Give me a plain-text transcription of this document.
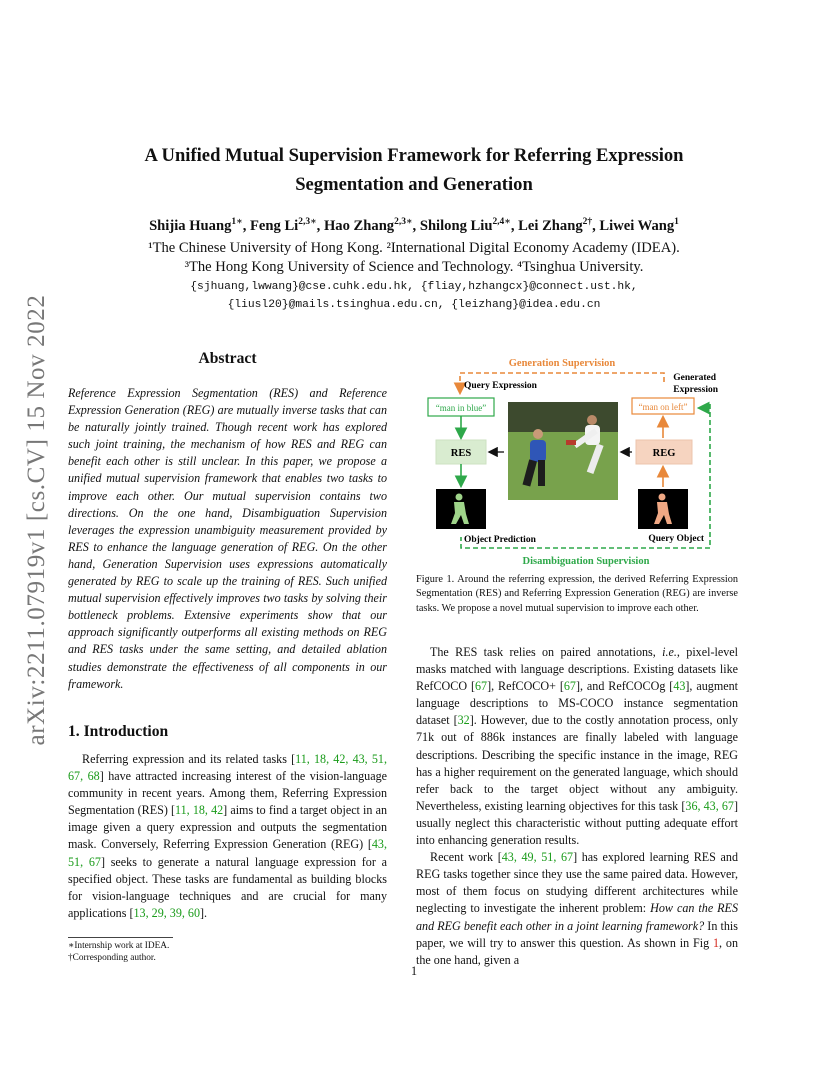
A Unified Mutual Supervision Framework for Referring Expression
Segmentation and Generation
Shijia Huang$^{1∗}$, Feng $Li^{2,3∗}$, Hao Zhang$^{2,3∗}$, Shilong Liu$^{2,4∗}$, Lei Zhang$^{2\dagger}$, Liwei Wang$^1$
¹The Chinese University of Hong Kong. ²International Digital Economy Academy (IDEA).
³The Hong Kong University of Science and Technology. ⁴Tsinghua University.
{sjhuang,lwwang}@cse.cuhk.edu.hk, {fliay,hzhangcx}@connect.ust.hk,
{liusl20}@mails.tsinghua.edu.cn, {leizhang}@idea.edu.cn
arXiv:2211.07919v1 [cs.CV] 15 Nov 2022	Abstract
Reference Expression Segmentation (RES) and Reference Expression Generation (REG) are mutually inverse tasks that can be naturally jointly trained. Though recent work has explored such joint training, the mechanism of how RES and REG can benefit each other is still unclear. In this paper, we propose a unified mutual supervision framework that enables two tasks to improve each other. Our mutual supervision contains two directions. On the one hand, Disambiguation Supervision leverages the expression unambiguity measurement provided by RES to enhance the language generation of REG. On the other hand, Generation Supervision uses expressions automatically generated by REG to scale up the training of RES. Such unified mutual supervision effectively improves two tasks by solving their bottleneck problems. Extensive experiments show that our approach significantly outperforms all existing methods on REG and RES tasks under the same setting, and detailed ablation studies demonstrate the effectiveness of all components in our framework.
1. Introduction

Referring expression and its related tasks [11, 18, 42, 43, 51, 67, 68] have attracted increasing interest of the vision-language community in recent years. Among them, Referring Expression Segmentation (RES) [11, 18, 42] aims to find a target object in an image given a query expression and outputs the segmentation mask. Conversely, Referring Expression Generation (REG) [43, 51, 67] seeks to generate a natural language expression for a specified object. These tasks are fundamental as building blocks for vision-language techniques and are crucial for many applications [13, 29, 39, 60].

∗Internship work at IDEA.
†Corresponding author.
Generation Supervision
Query Expression
Generated
Expression
“man in blue”	“man on left”
RES	REG
Object Prediction	Query Object
Disambiguation Supervision
Figure 1. Around the referring expression, the derived Referring Expression Segmentation (RES) and Referring Expression Generation (REG) are inverse tasks. We propose a novel mutual supervision to improve each other.

The RES task relies on paired annotations, i.e., pixel-level masks matched with language descriptions. Existing datasets like RefCOCO [67], RefCOCO+ [67], and RefCOCOg [43], augment language descriptions to MS-COCO instance segmentation dataset [32]. However, due to the costly annotation process, only 71k out of 886k instances are finally labeled with language descriptions. Describing the specific instance in the image, REG has a higher requirement on the generated language, which should refer back to the target object without any ambiguity. Nevertheless, existing learning objectives for this task [36, 43, 67] usually neglect this characteristic without putting adequate effort into enhancing generation results.

Recent work [43, 49, 51, 67] has explored learning RES and REG tasks together since they use the same paired data. However, most of them focus on studying different architectures while neglecting to investigate the inherent problem: How can the RES and REG benefit each other in a joint learning framework? In this paper, we will try to answer this question. As shown in Fig 1, on the one hand, given a

1
